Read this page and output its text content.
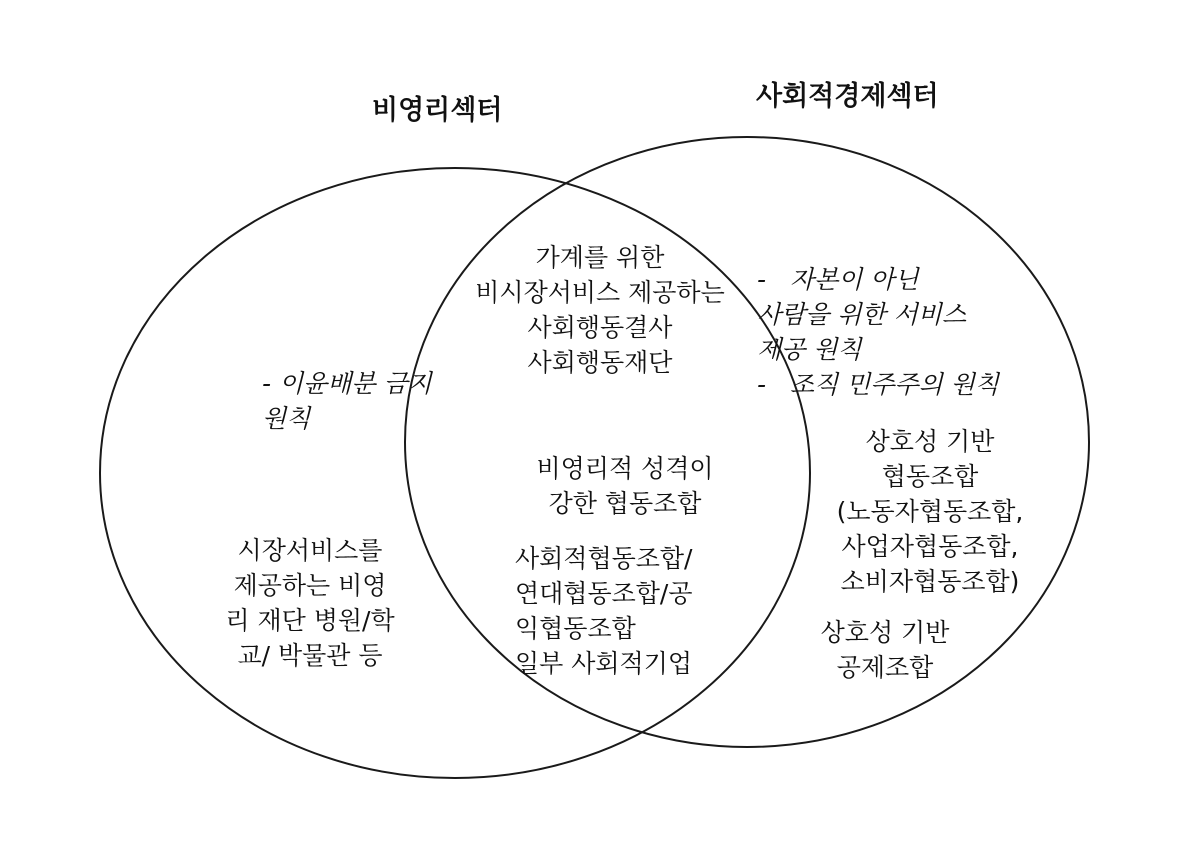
비영리섹터	사회적경제섹터
- 이윤배분 금지
원칙
시장서비스를
제공하는 비영
리 재단 병원/학
교/ 박물관 등
가계를 위한
비시장서비스 제공하는
사회행동결사
사회행동재단
비영리적 성격이
강한 협동조합
사회적협동조합/
연대협동조합/공
익협동조합
일부 사회적기업
-   자본이 아닌
사람을 위한 서비스
제공 원칙
-   조직 민주주의 원칙
상호성 기반
협동조합
(노동자협동조합,
사업자협동조합,
소비자협동조합)
상호성 기반
공제조합
